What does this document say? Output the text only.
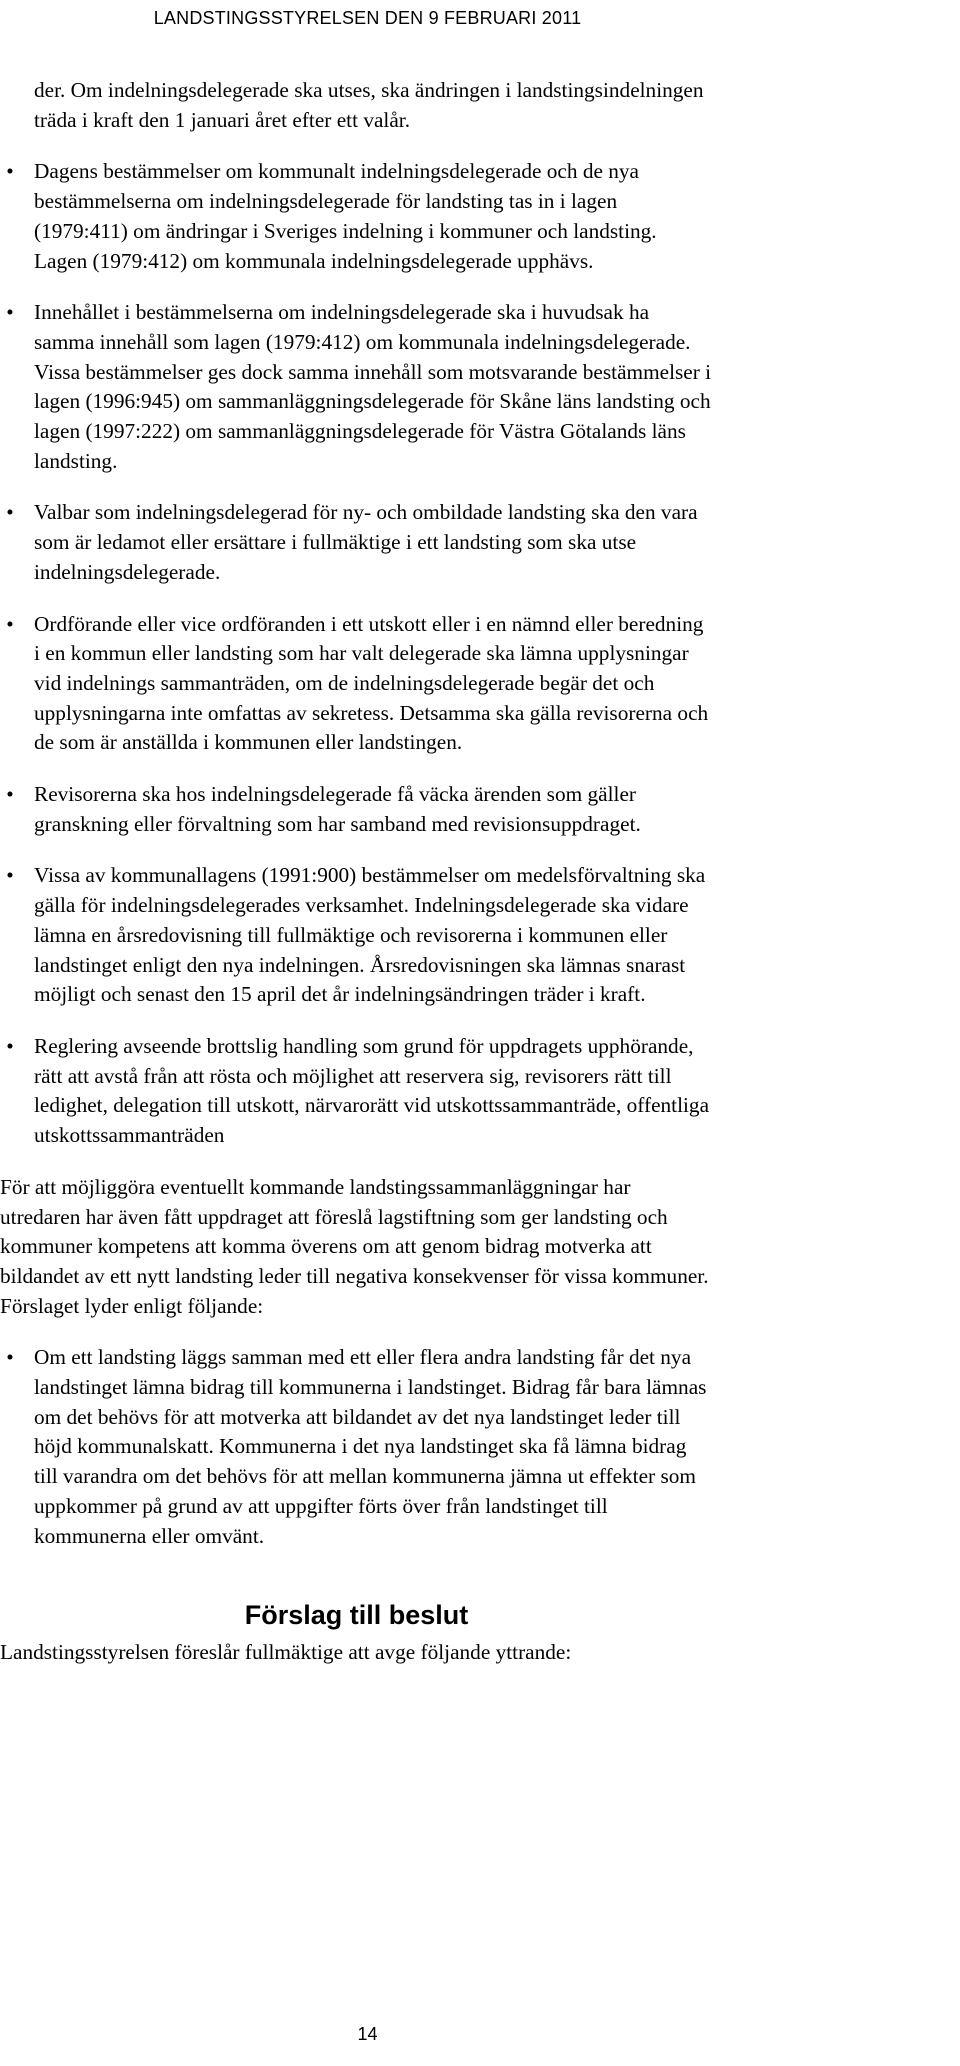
LANDSTINGSSTYRELSEN DEN 9 FEBRUARI 2011

der. Om indelningsdelegerade ska utses, ska ändringen i landstingsindelningen träda i kraft den 1 januari året efter ett valår.

• Dagens bestämmelser om kommunalt indelningsdelegerade och de nya bestämmelserna om indelningsdelegerade för landsting tas in i lagen (1979:411) om ändringar i Sveriges indelning i kommuner och landsting. Lagen (1979:412) om kommunala indelningsdelegerade upphävs.
• Innehållet i bestämmelserna om indelningsdelegerade ska i huvudsak ha samma innehåll som lagen (1979:412) om kommunala indelningsdelegerade. Vissa bestämmelser ges dock samma innehåll som motsvarande bestämmelser i lagen (1996:945) om sammanläggningsdelegerade för Skåne läns landsting och lagen (1997:222) om sammanläggningsdelegerade för Västra Götalands läns landsting.
• Valbar som indelningsdelegerad för ny- och ombildade landsting ska den vara som är ledamot eller ersättare i fullmäktige i ett landsting som ska utse indelningsdelegerade.
• Ordförande eller vice ordföranden i ett utskott eller i en nämnd eller beredning i en kommun eller landsting som har valt delegerade ska lämna upplysningar vid indelnings sammanträden, om de indelningsdelegerade begär det och upplysningarna inte omfattas av sekretess. Detsamma ska gälla revisorerna och de som är anställda i kommunen eller landstingen.
• Revisorerna ska hos indelningsdelegerade få väcka ärenden som gäller granskning eller förvaltning som har samband med revisionsuppdraget.
• Vissa av kommunallagens (1991:900) bestämmelser om medelsförvaltning ska gälla för indelningsdelegerades verksamhet. Indelningsdelegerade ska vidare lämna en årsredovisning till fullmäktige och revisorerna i kommunen eller landstinget enligt den nya indelningen. Årsredovisningen ska lämnas snarast möjligt och senast den 15 april det år indelningsändringen träder i kraft.
• Reglering avseende brottslig handling som grund för uppdragets upphörande, rätt att avstå från att rösta och möjlighet att reservera sig, revisorers rätt till ledighet, delegation till utskott, närvarorätt vid utskottssammanträde, offentliga utskottssammanträden

För att möjliggöra eventuellt kommande landstingssammanläggningar har utredaren har även fått uppdraget att föreslå lagstiftning som ger landsting och kommuner kompetens att komma överens om att genom bidrag motverka att bildandet av ett nytt landsting leder till negativa konsekvenser för vissa kommuner. Förslaget lyder enligt följande:

• Om ett landsting läggs samman med ett eller flera andra landsting får det nya landstinget lämna bidrag till kommunerna i landstinget. Bidrag får bara lämnas om det behövs för att motverka att bildandet av det nya landstinget leder till höjd kommunalskatt. Kommunerna i det nya landstinget ska få lämna bidrag till varandra om det behövs för att mellan kommunerna jämna ut effekter som uppkommer på grund av att uppgifter förts över från landstinget till kommunerna eller omvänt.
Förslag till beslut

Landstingsstyrelsen föreslår fullmäktige att avge följande yttrande:

14
